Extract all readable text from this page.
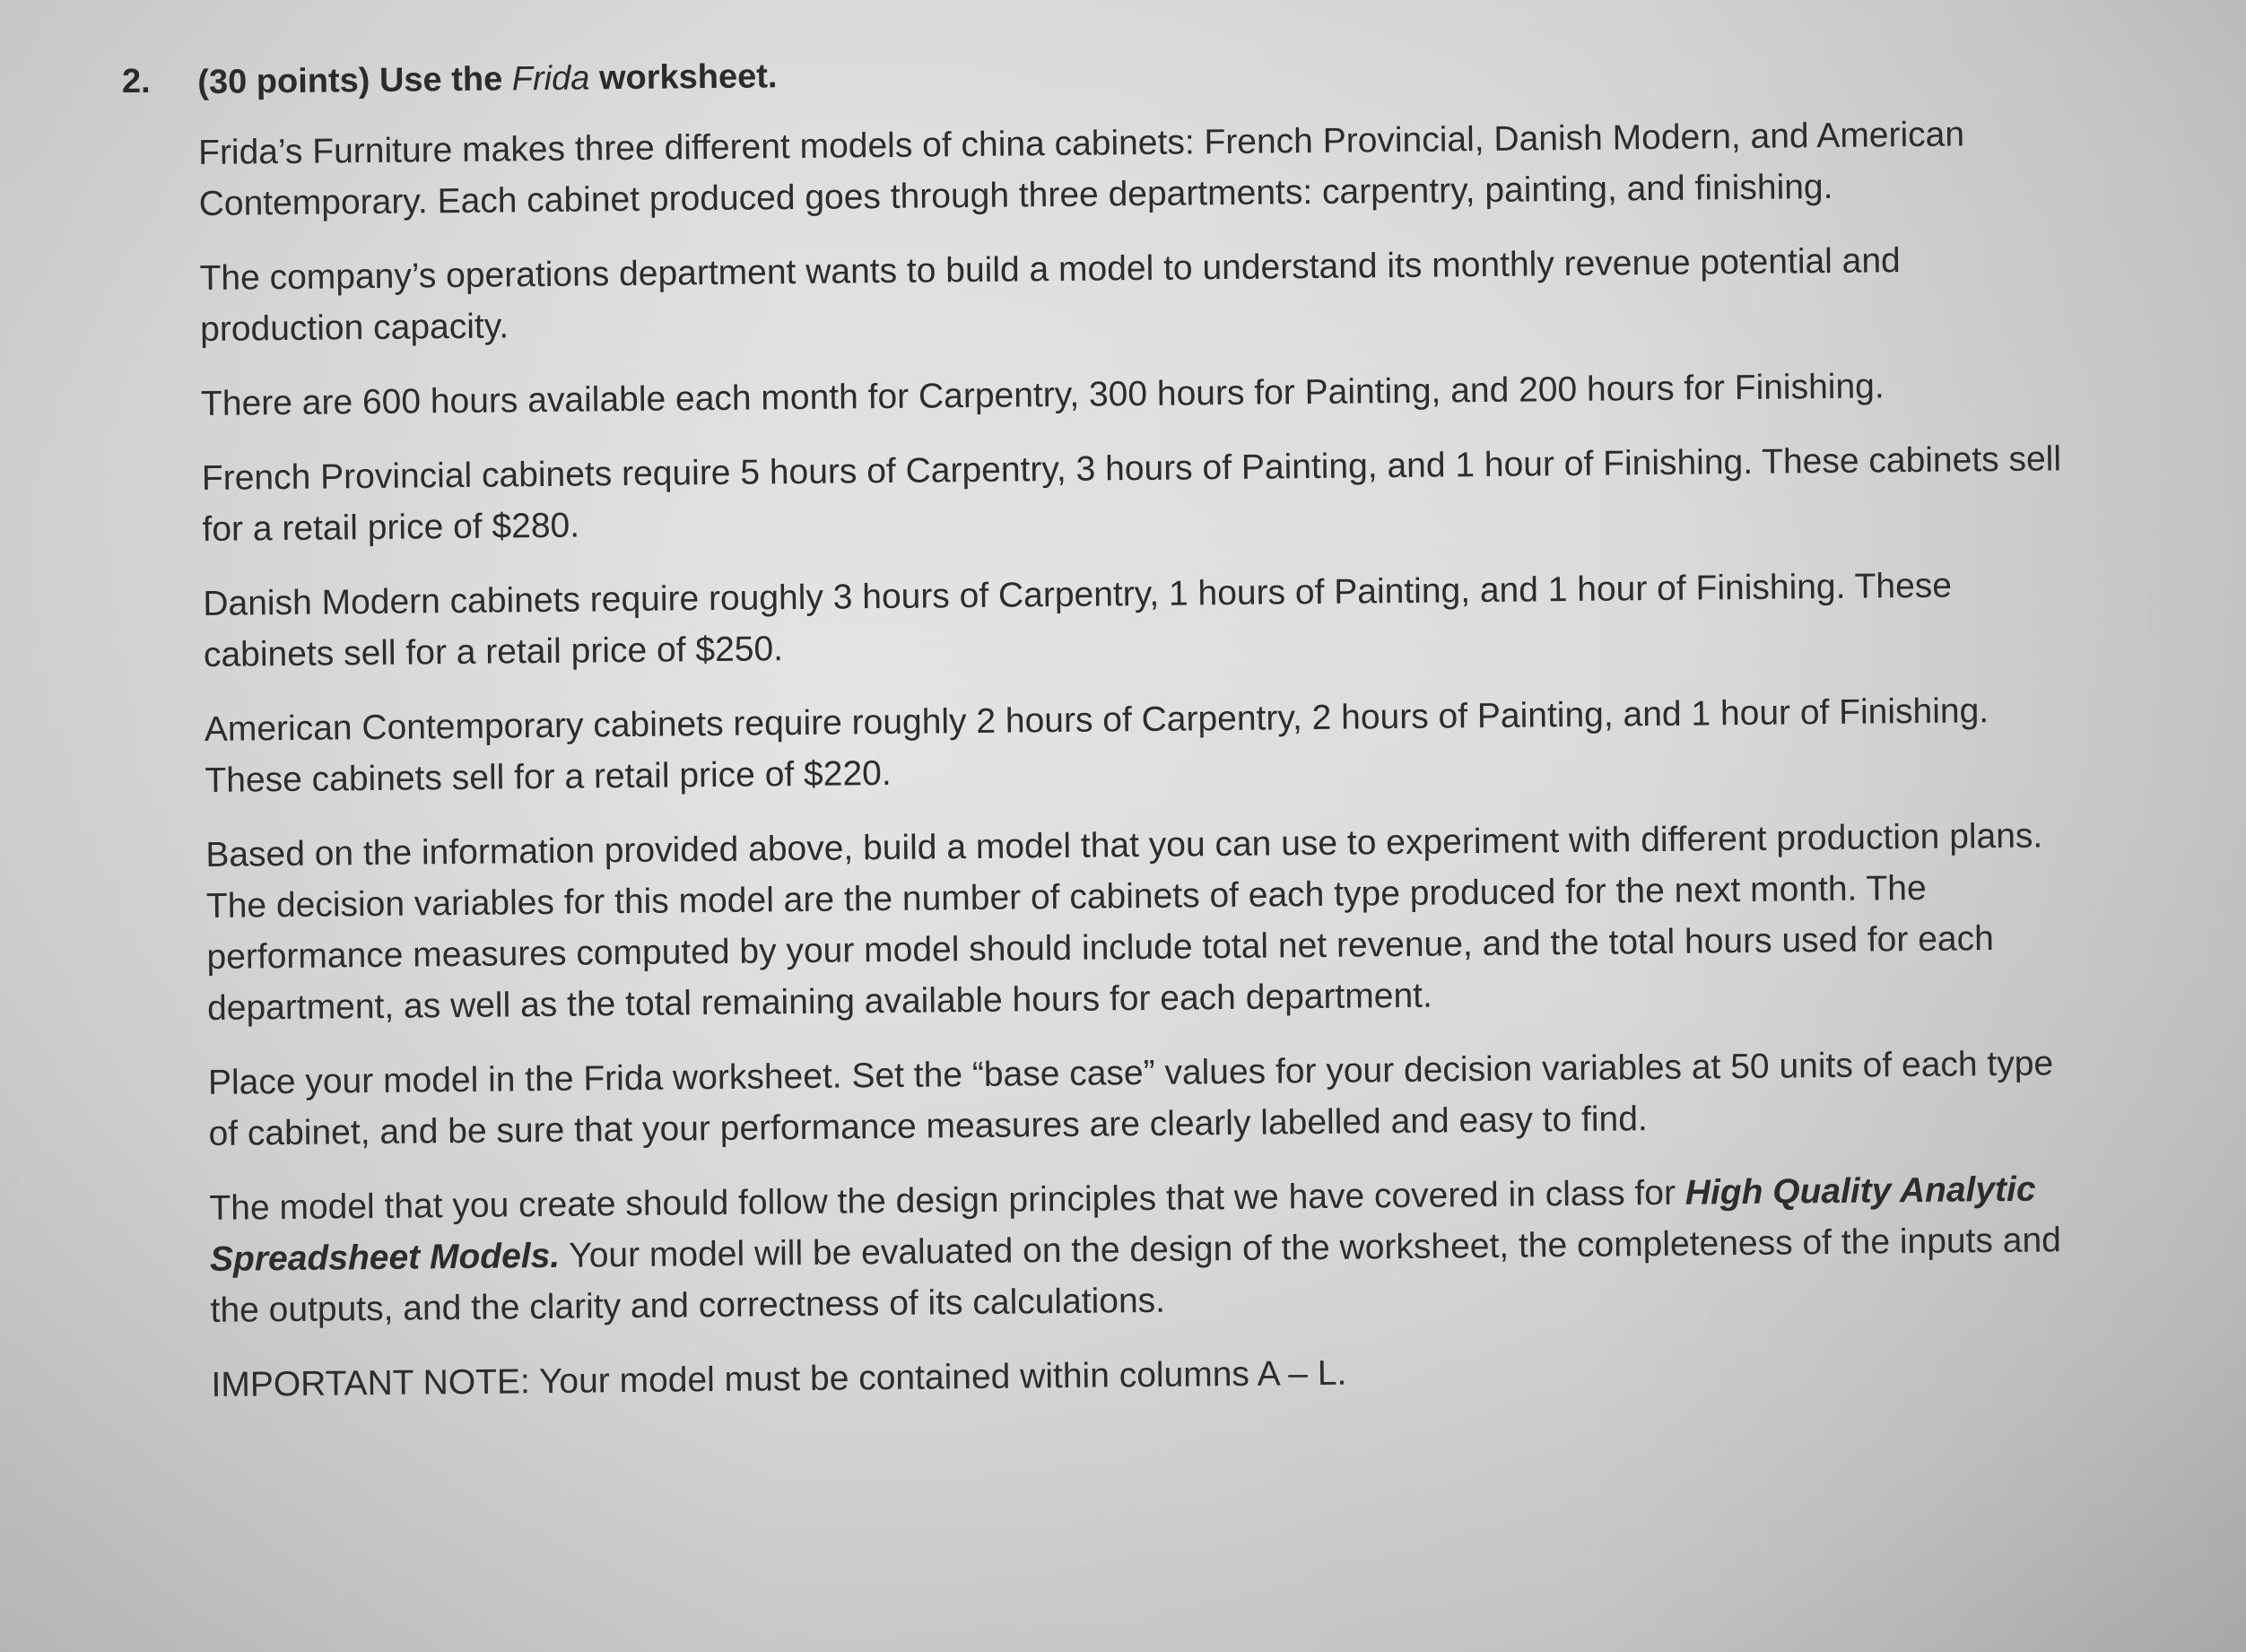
2. (30 points) Use the Frida worksheet.

Frida’s Furniture makes three different models of china cabinets: French Provincial, Danish Modern, and American Contemporary. Each cabinet produced goes through three departments: carpentry, painting, and finishing.

The company’s operations department wants to build a model to understand its monthly revenue potential and production capacity.

There are 600 hours available each month for Carpentry, 300 hours for Painting, and 200 hours for Finishing.

French Provincial cabinets require 5 hours of Carpentry, 3 hours of Painting, and 1 hour of Finishing. These cabinets sell for a retail price of $280.

Danish Modern cabinets require roughly 3 hours of Carpentry, 1 hours of Painting, and 1 hour of Finishing. These cabinets sell for a retail price of $250.

American Contemporary cabinets require roughly 2 hours of Carpentry, 2 hours of Painting, and 1 hour of Finishing. These cabinets sell for a retail price of $220.

Based on the information provided above, build a model that you can use to experiment with different production plans. The decision variables for this model are the number of cabinets of each type produced for the next month. The performance measures computed by your model should include total net revenue, and the total hours used for each department, as well as the total remaining available hours for each department.

Place your model in the Frida worksheet. Set the “base case” values for your decision variables at 50 units of each type of cabinet, and be sure that your performance measures are clearly labelled and easy to find.

The model that you create should follow the design principles that we have covered in class for High Quality Analytic Spreadsheet Models. Your model will be evaluated on the design of the worksheet, the completeness of the inputs and the outputs, and the clarity and correctness of its calculations.

IMPORTANT NOTE: Your model must be contained within columns A – L.
